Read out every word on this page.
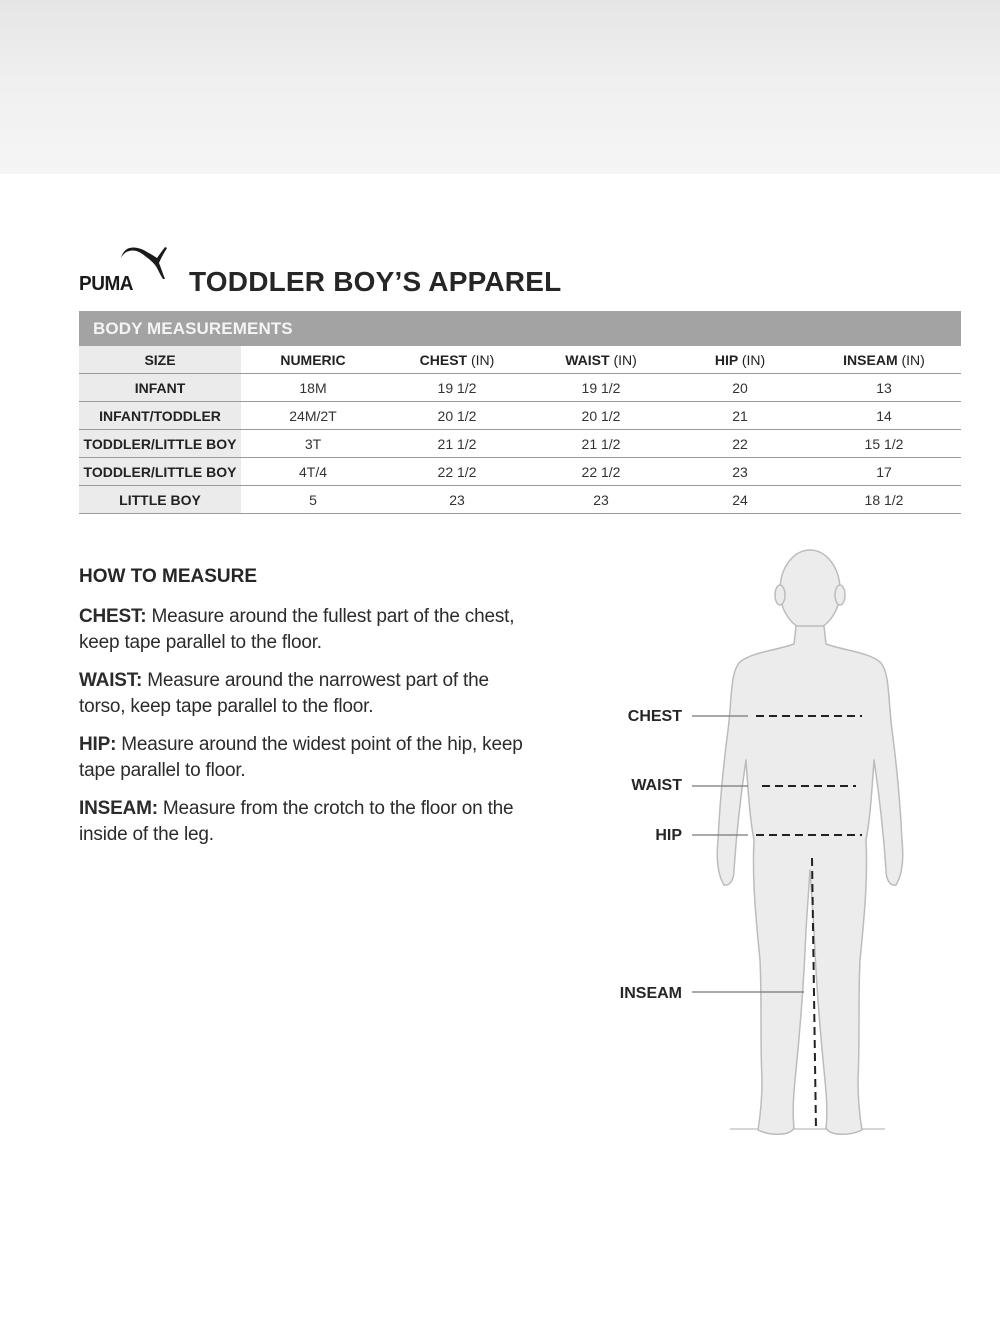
PUMA TODDLER BOY’S APPAREL
BODY MEASUREMENTS
SIZE	NUMERIC	CHEST (IN)	WAIST (IN)	HIP (IN)	INSEAM (IN)
INFANT	18M	19 1/2	19 1/2	20	13
INFANT/TODDLER	24M/2T	20 1/2	20 1/2	21	14
TODDLER/LITTLE BOY	3T	21 1/2	21 1/2	22	15 1/2
TODDLER/LITTLE BOY	4T/4	22 1/2	22 1/2	23	17
LITTLE BOY	5	23	23	24	18 1/2
HOW TO MEASURE

CHEST: Measure around the fullest part of the chest, keep tape parallel to the floor.

WAIST: Measure around the narrowest part of the torso, keep tape parallel to the floor.

HIP: Measure around the widest point of the hip, keep tape parallel to floor.

INSEAM: Measure from the crotch to the floor on the inside of the leg.

CHEST
WAIST
HIP
INSEAM
